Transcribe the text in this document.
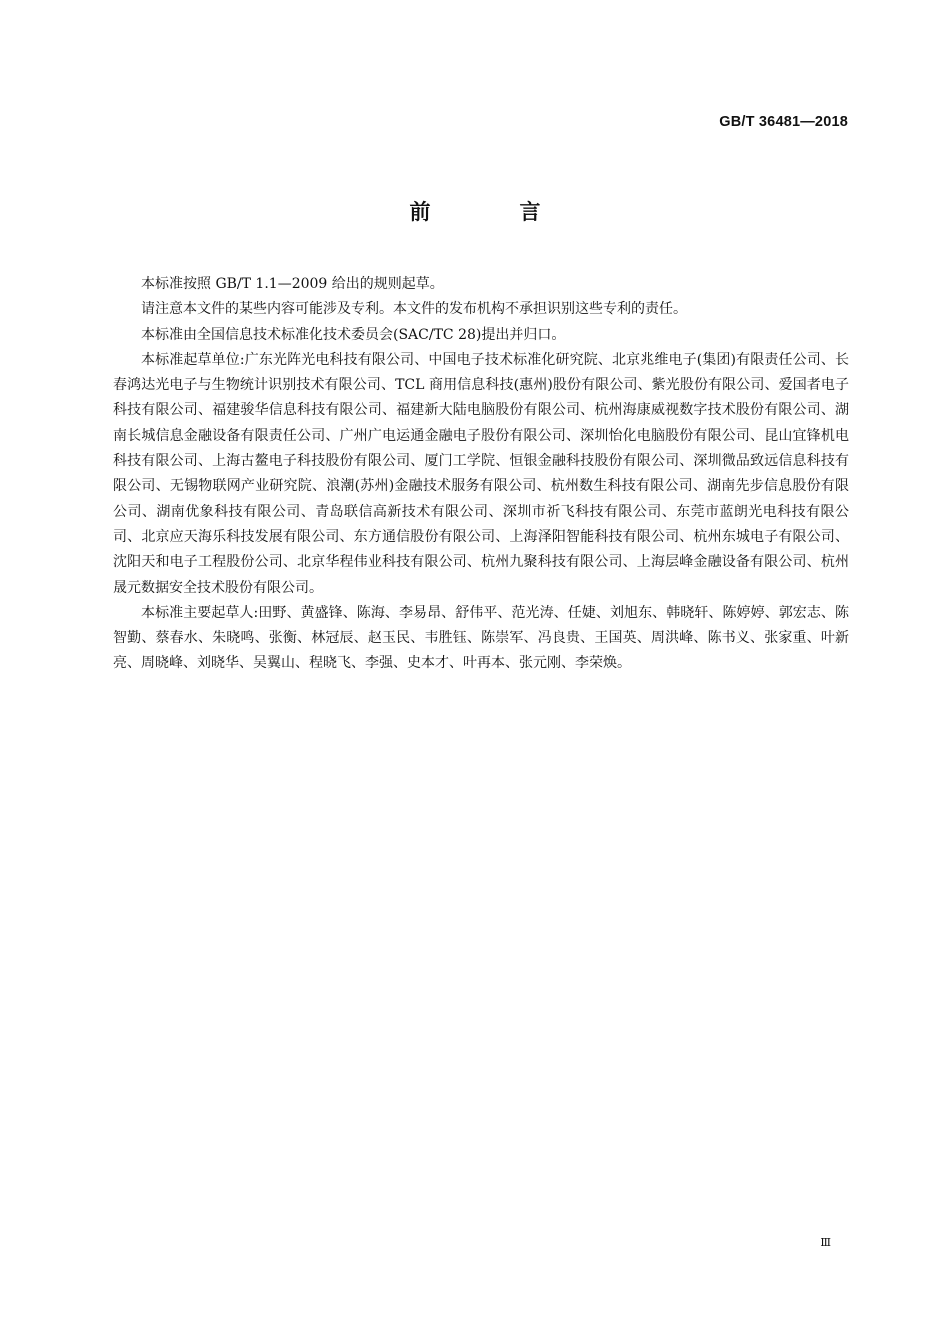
GB/T 36481—2018
前　言

本标准按照 GB/T 1.1—2009 给出的规则起草。

请注意本文件的某些内容可能涉及专利。本文件的发布机构不承担识别这些专利的责任。

本标准由全国信息技术标准化技术委员会(SAC/TC 28)提出并归口。

本标准起草单位:广东光阵光电科技有限公司、中国电子技术标准化研究院、北京兆维电子(集团)有限责任公司、长春鸿达光电子与生物统计识别技术有限公司、TCL 商用信息科技(惠州)股份有限公司、紫光股份有限公司、爱国者电子科技有限公司、福建骏华信息科技有限公司、福建新大陆电脑股份有限公司、杭州海康威视数字技术股份有限公司、湖南长城信息金融设备有限责任公司、广州广电运通金融电子股份有限公司、深圳怡化电脑股份有限公司、昆山宜锋机电科技有限公司、上海古鳌电子科技股份有限公司、厦门工学院、恒银金融科技股份有限公司、深圳微品致远信息科技有限公司、无锡物联网产业研究院、浪潮(苏州)金融技术服务有限公司、杭州数生科技有限公司、湖南先步信息股份有限公司、湖南优象科技有限公司、青岛联信高新技术有限公司、深圳市祈飞科技有限公司、东莞市蓝朗光电科技有限公司、北京应天海乐科技发展有限公司、东方通信股份有限公司、上海泽阳智能科技有限公司、杭州东城电子有限公司、沈阳天和电子工程股份公司、北京华程伟业科技有限公司、杭州九聚科技有限公司、上海层峰金融设备有限公司、杭州晟元数据安全技术股份有限公司。

本标准主要起草人:田野、黄盛锋、陈海、李易昂、舒伟平、范光涛、任婕、刘旭东、韩晓轩、陈婷婷、郭宏志、陈智勤、蔡春水、朱晓鸣、张衡、林冠辰、赵玉民、韦胜钰、陈崇军、冯良贵、王国英、周洪峰、陈书义、张家重、叶新亮、周晓峰、刘晓华、吴翼山、程晓飞、李强、史本才、叶再本、张元刚、李荣焕。

Ⅲ
